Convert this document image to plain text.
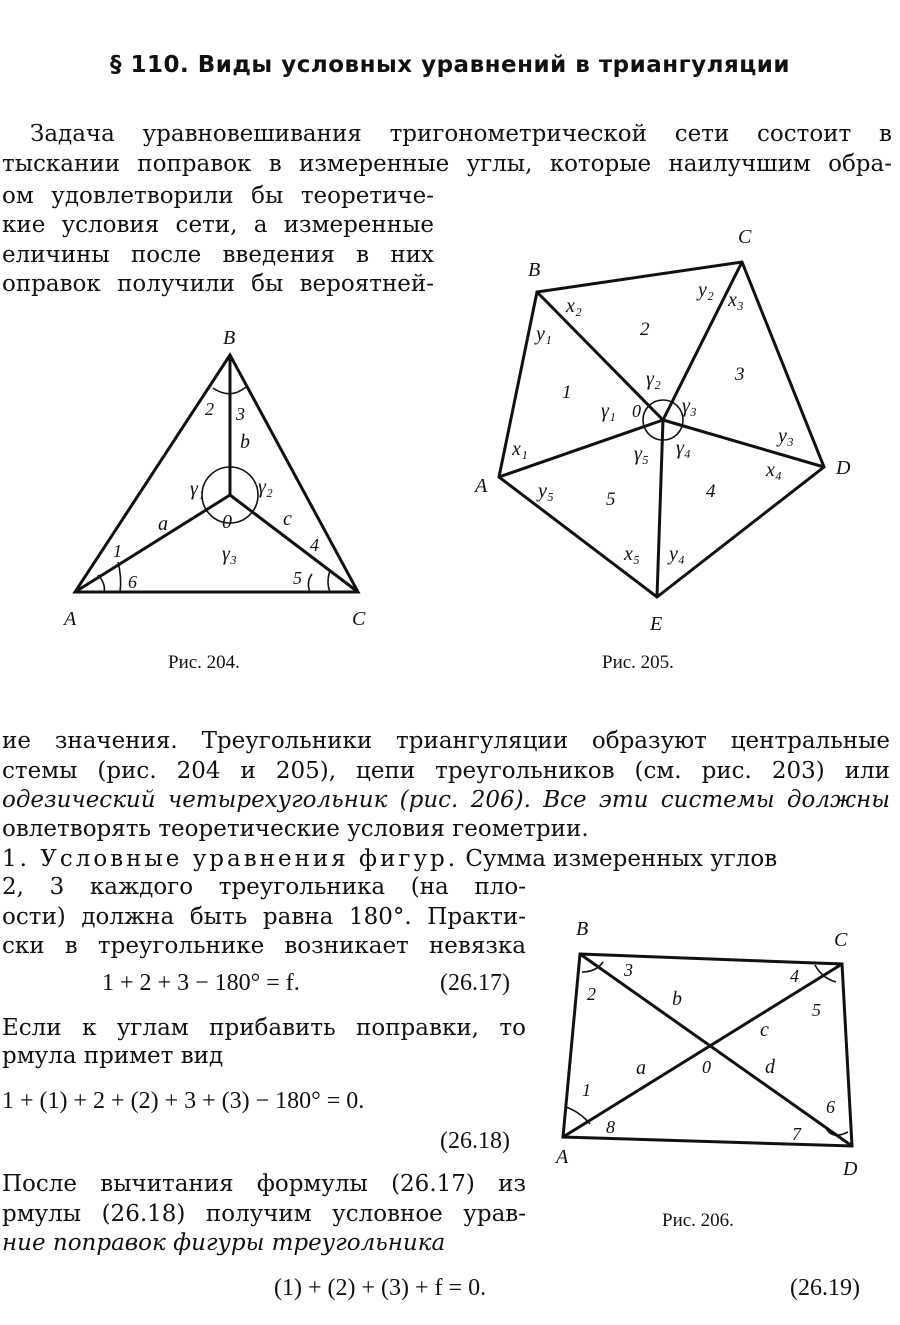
§ 110. Виды условных уравнений в триангуляции
Задача уравновешивания тригонометрической сети состоит в
тыскании поправок в измеренные углы, которые наилучшим обра-
ом удовлетворили бы теоретиче-
кие условия сети, а измеренные
еличины после введения в них
оправок получили бы вероятней-
B
A	C
0
a
b
c
2 3
1
6
4
5
γ₁	γ₂
γ₃
Рис. 204.
B
C
D
E
A
0
x₂
y₁
y₂ x₃
y₃
x₄
x₁
y₅
x₅ y₄
γ₁
γ₂
γ₃
γ₄
γ₅
1
2
3
4
5
Рис. 205.
ие значения. Треугольники триангуляции образуют центральные
стемы (рис. 204 и 205), цепи треугольников (см. рис. 203) или
одезический четырехугольник (рис. 206). Все эти системы должны
овлетворять теоретические условия геометрии.
1. Условные уравнения фигур. Сумма измеренных углов
2, 3 каждого треугольника (на пло-
ости) должна быть равна 180°. Практи-
ски в треугольнике возникает невязка
1 + 2 + 3 − 180° = f.	(26.17)
Если к углам прибавить поправки, то
рмула примет вид
1 + (1) + 2 + (2) + 3 + (3) − 180° = 0.
(26.18)
После вычитания формулы (26.17) из
рмулы (26.18) получим условное урав-
ние поправок фигуры треугольника
(1) + (2) + (3) + f = 0.	(26.19)
B	C
A
D
0
a
b
c
d
3
2
4
5
1
8
6
7
Рис. 206.
